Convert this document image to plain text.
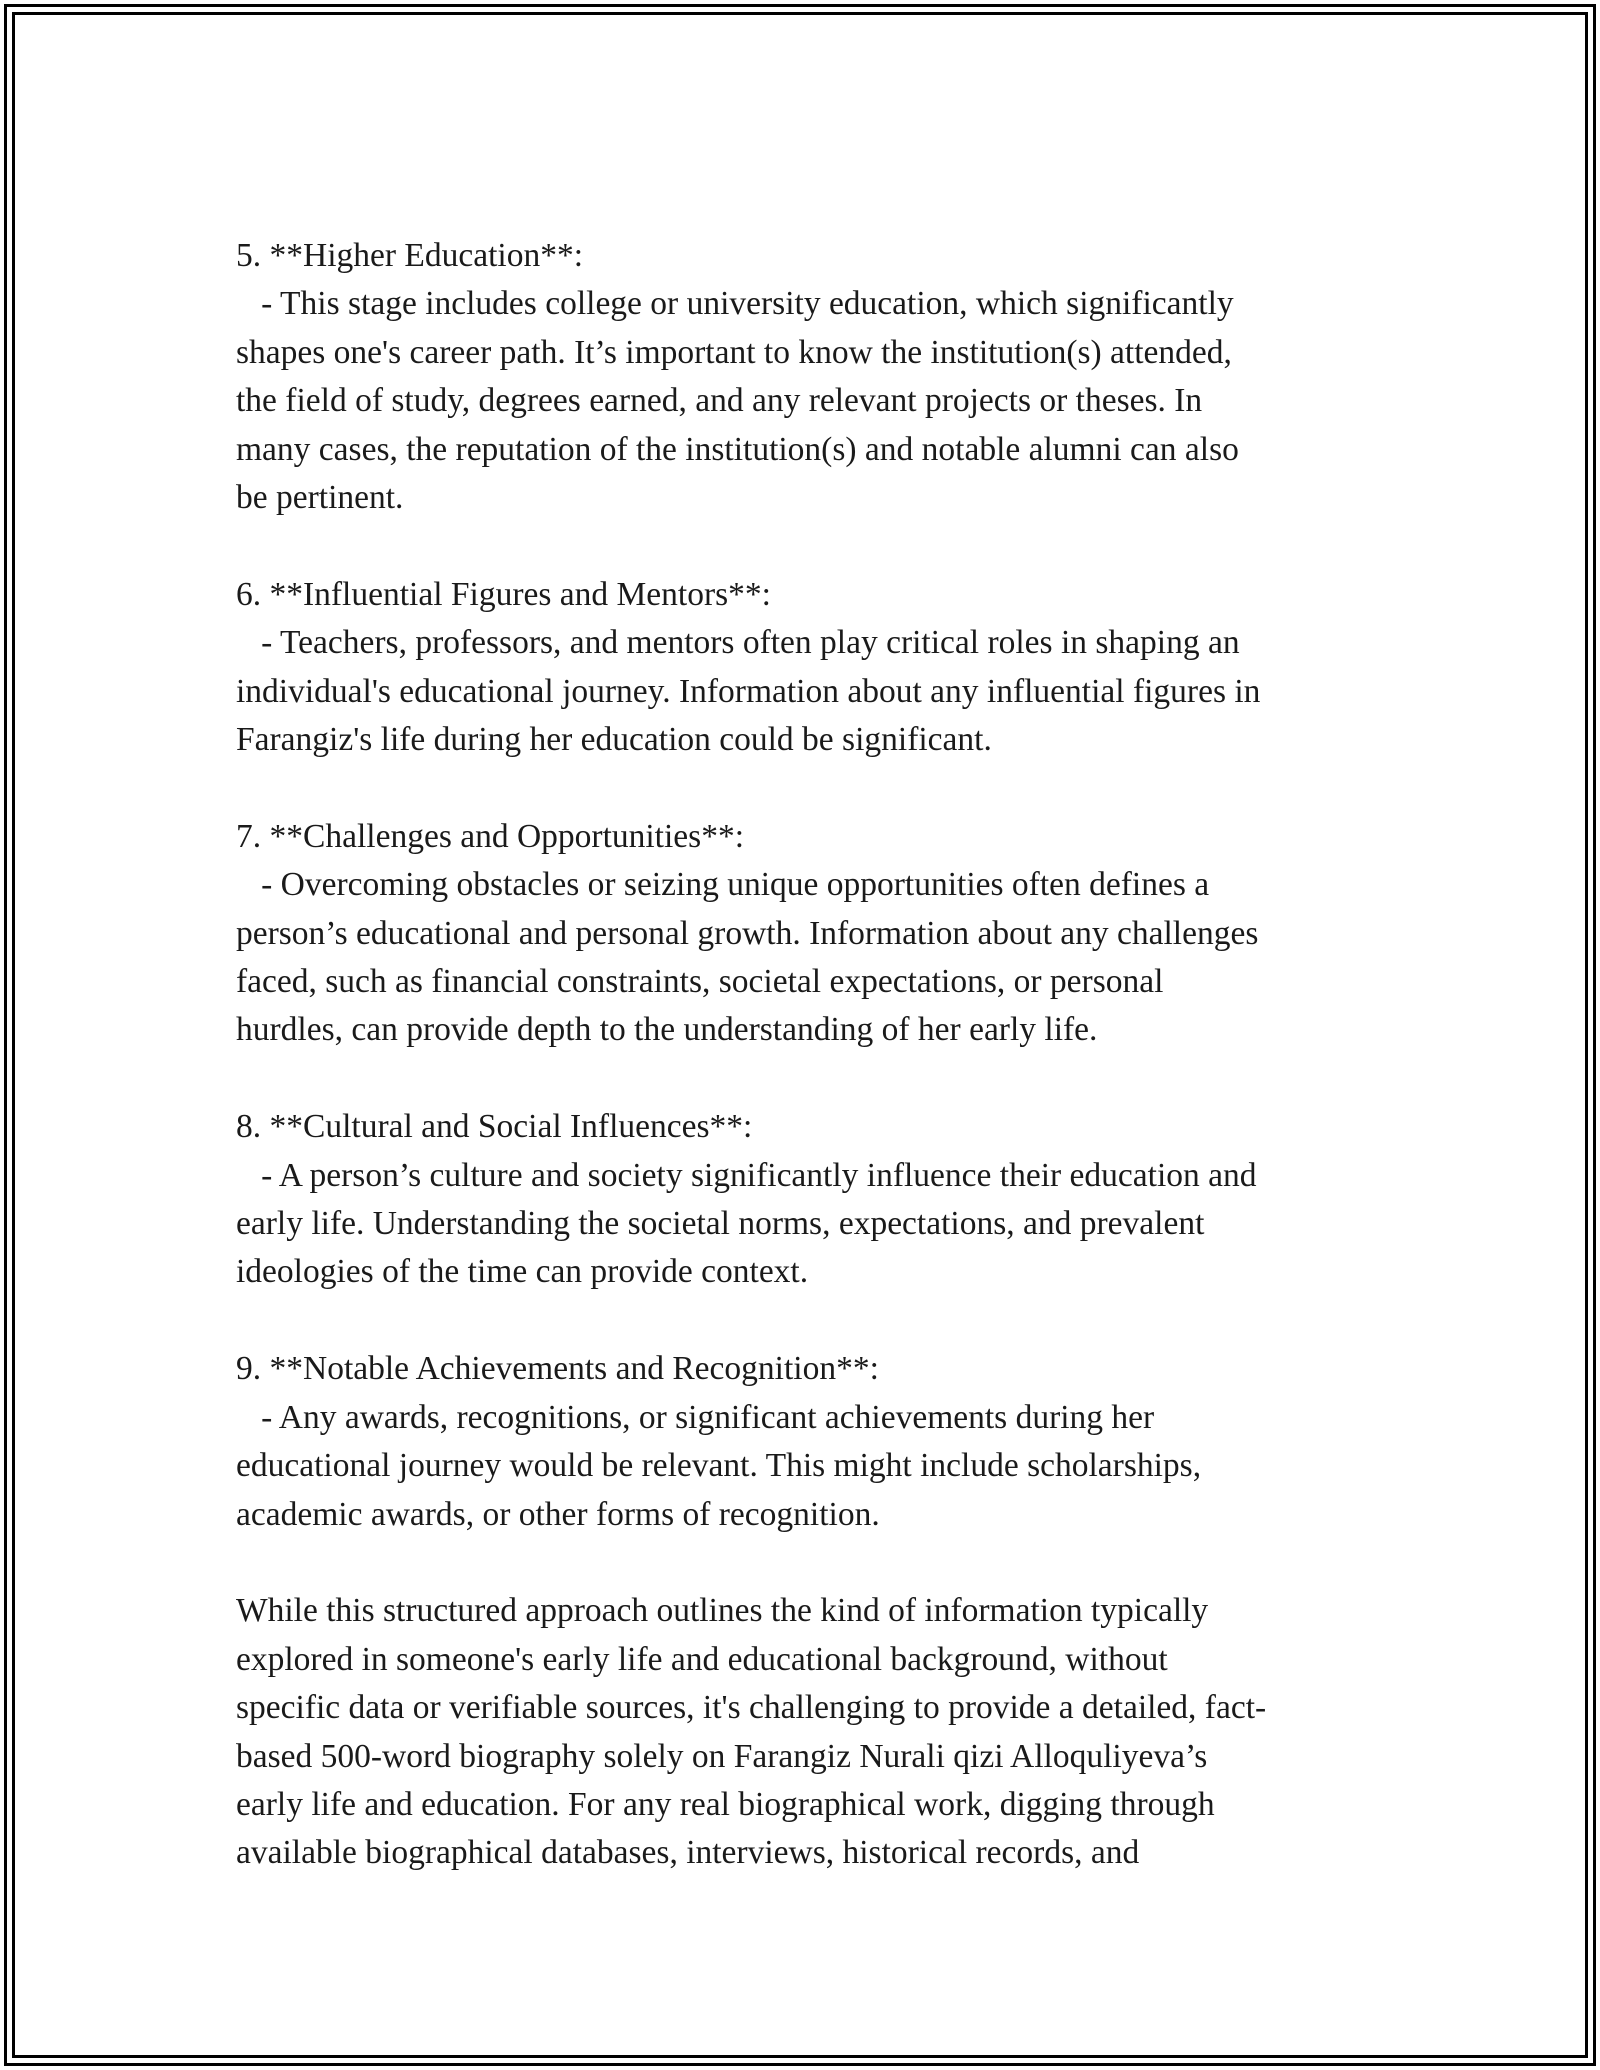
5. **Higher Education**:
- This stage includes college or university education, which significantly
shapes one's career path. It’s important to know the institution(s) attended,
the field of study, degrees earned, and any relevant projects or theses. In
many cases, the reputation of the institution(s) and notable alumni can also
be pertinent.
6. **Influential Figures and Mentors**:
- Teachers, professors, and mentors often play critical roles in shaping an
individual's educational journey. Information about any influential figures in
Farangiz's life during her education could be significant.
7. **Challenges and Opportunities**:
- Overcoming obstacles or seizing unique opportunities often defines a
person’s educational and personal growth. Information about any challenges
faced, such as financial constraints, societal expectations, or personal
hurdles, can provide depth to the understanding of her early life.
8. **Cultural and Social Influences**:
- A person’s culture and society significantly influence their education and
early life. Understanding the societal norms, expectations, and prevalent
ideologies of the time can provide context.
9. **Notable Achievements and Recognition**:
- Any awards, recognitions, or significant achievements during her
educational journey would be relevant. This might include scholarships,
academic awards, or other forms of recognition.
While this structured approach outlines the kind of information typically
explored in someone's early life and educational background, without
specific data or verifiable sources, it's challenging to provide a detailed, fact-
based 500-word biography solely on Farangiz Nurali qizi Alloquliyeva’s
early life and education. For any real biographical work, digging through
available biographical databases, interviews, historical records, and
